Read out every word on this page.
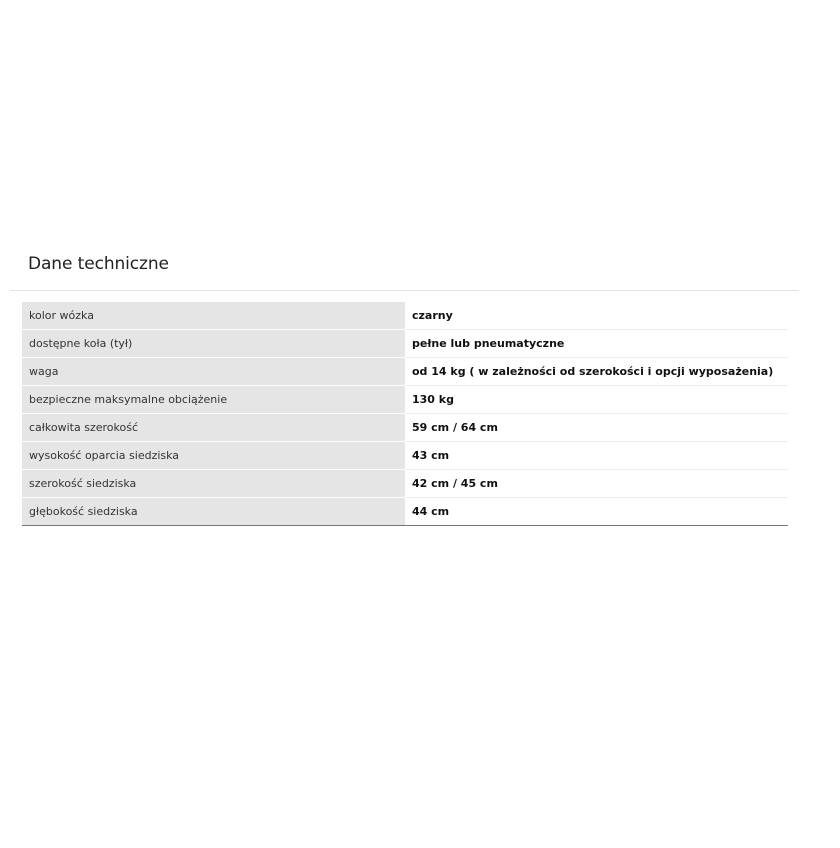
Dane techniczne
kolor wózka	czarny
dostępne koła (tył)	pełne lub pneumatyczne
waga	od 14 kg ( w zależności od szerokości i opcji wyposażenia)
bezpieczne maksymalne obciążenie	130 kg
całkowita szerokość	59 cm / 64 cm
wysokość oparcia siedziska	43 cm
szerokość siedziska	42 cm / 45 cm
głębokość siedziska	44 cm
